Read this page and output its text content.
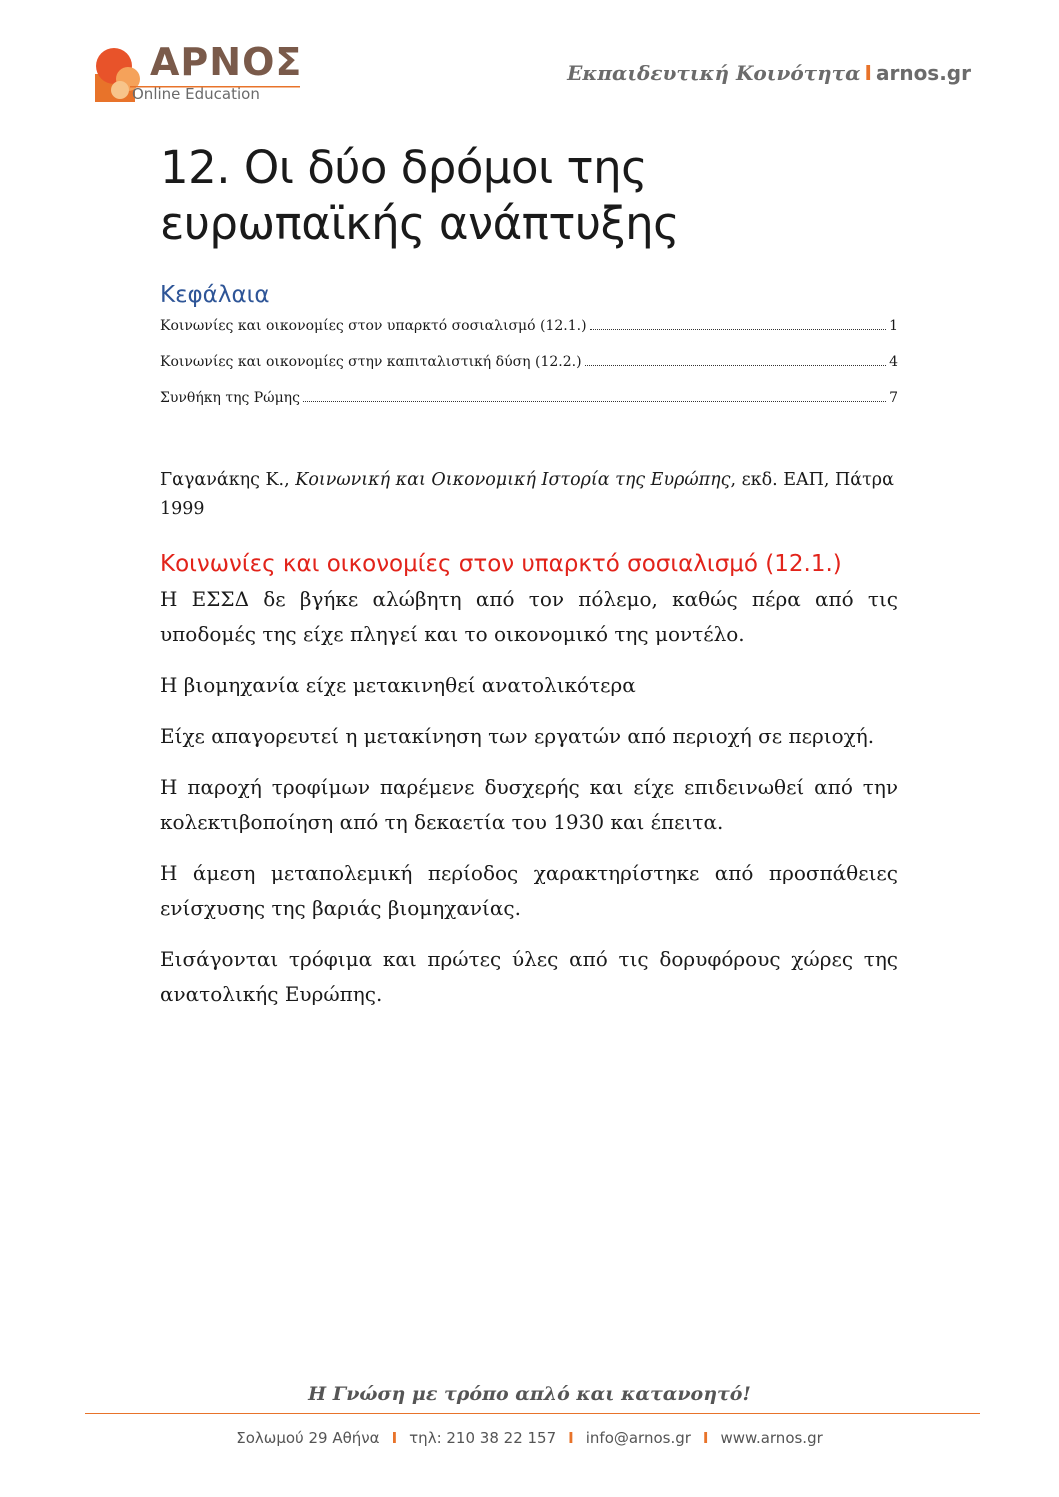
ΑΡΝΟΣ
Online Education
Εκπαιδευτική Κοινότητα I arnos.gr
12. Οι δύο δρόμοι της ευρωπαϊκής ανάπτυξης
Κεφάλαια
Κοινωνίες και οικονομίες στον υπαρκτό σοσιαλισμό (12.1.)	1
Κοινωνίες και οικονομίες στην καπιταλιστική δύση (12.2.)	4
Συνθήκη της Ρώμης	7
Γαγανάκης Κ., Κοινωνική και Οικονομική Ιστορία της Ευρώπης, εκδ. ΕΑΠ, Πάτρα 1999
Κοινωνίες και οικονομίες στον υπαρκτό σοσιαλισμό (12.1.)

Η ΕΣΣΔ δε βγήκε αλώβητη από τον πόλεμο, καθώς πέρα από τις υποδομές της είχε πληγεί και το οικονομικό της μοντέλο.

Η βιομηχανία είχε μετακινηθεί ανατολικότερα

Είχε απαγορευτεί η μετακίνηση των εργατών από περιοχή σε περιοχή.

Η παροχή τροφίμων παρέμενε δυσχερής και είχε επιδεινωθεί από την κολεκτιβοποίηση από τη δεκαετία του 1930 και έπειτα.

Η άμεση μεταπολεμική περίοδος χαρακτηρίστηκε από προσπάθειες ενίσχυσης της βαριάς βιομηχανίας.

Εισάγονται τρόφιμα και πρώτες ύλες από τις δορυφόρους χώρες της ανατολικής Ευρώπης.

Η Γνώση με τρόπο απλό και κατανοητό!
Σολωμού 29 Αθήνα I τηλ: 210 38 22 157 I info@arnos.gr I www.arnos.gr
